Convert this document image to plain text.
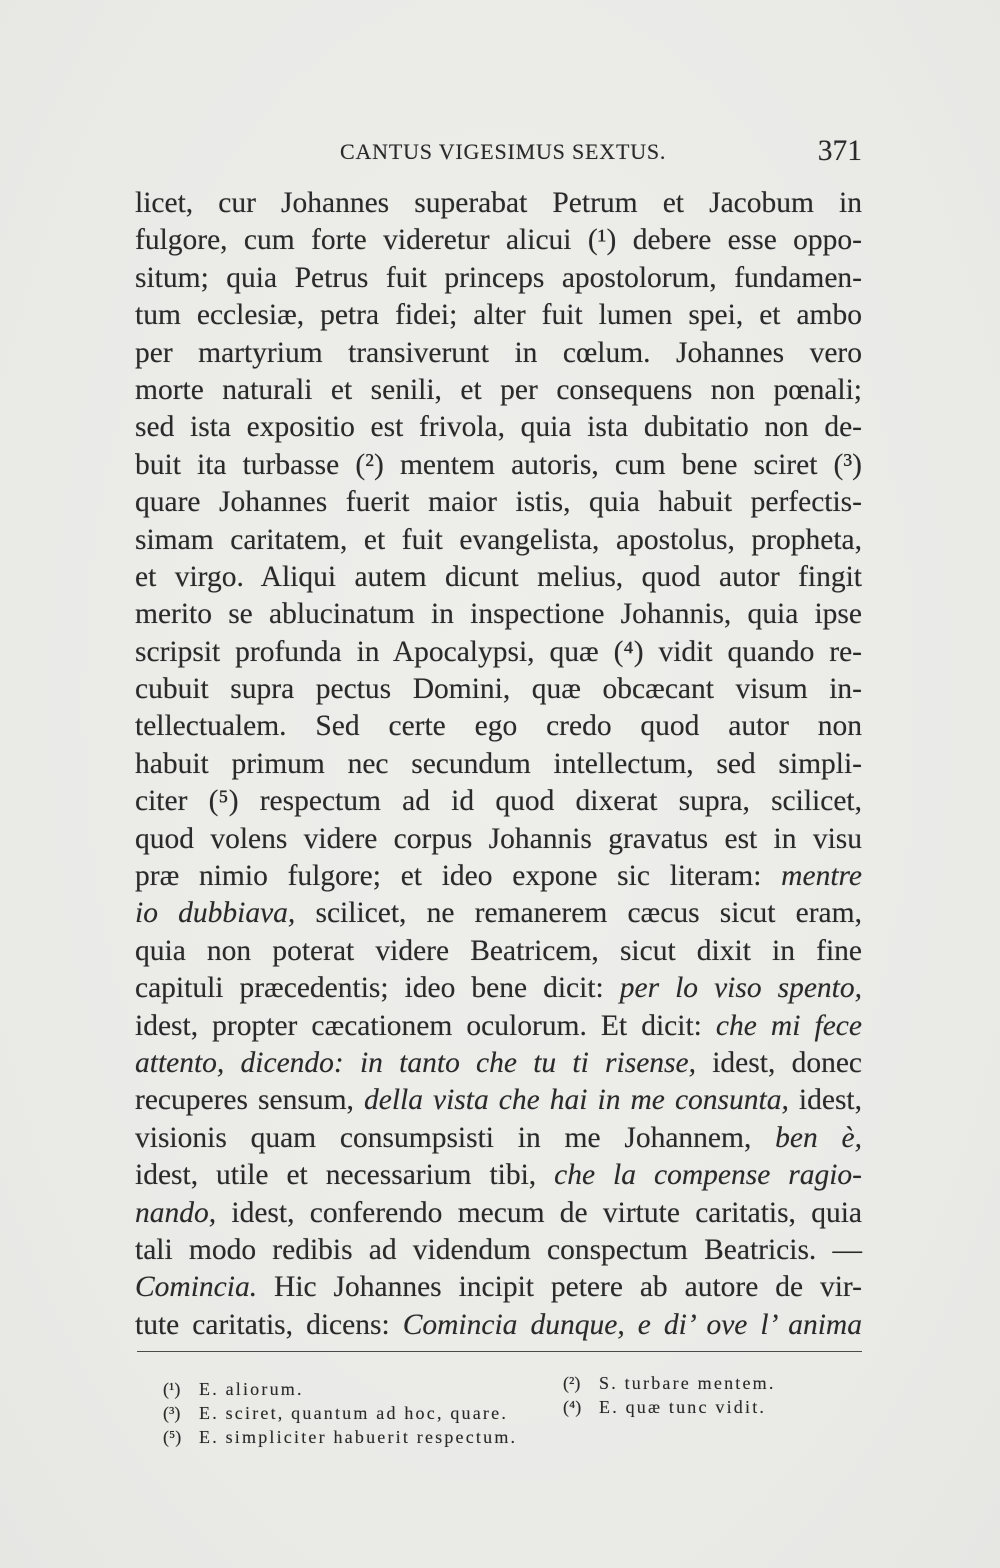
CANTUS VIGESIMUS SEXTUS.	371
licet, cur Johannes superabat Petrum et Jacobum in
fulgore, cum forte videretur alicui (¹) debere esse oppo-
situm; quia Petrus fuit princeps apostolorum, fundamen-
tum ecclesiæ, petra fidei; alter fuit lumen spei, et ambo
per martyrium transiverunt in cœlum. Johannes vero
morte naturali et senili, et per consequens non pœnali;
sed ista expositio est frivola, quia ista dubitatio non de-
buit ita turbasse (²) mentem autoris, cum bene sciret (³)
quare Johannes fuerit maior istis, quia habuit perfectis-
simam caritatem, et fuit evangelista, apostolus, propheta,
et virgo. Aliqui autem dicunt melius, quod autor fingit
merito se ablucinatum in inspectione Johannis, quia ipse
scripsit profunda in Apocalypsi, quæ (⁴) vidit quando re-
cubuit supra pectus Domini, quæ obcæcant visum in-
tellectualem. Sed certe ego credo quod autor non
habuit primum nec secundum intellectum, sed simpli-
citer (⁵) respectum ad id quod dixerat supra, scilicet,
quod volens videre corpus Johannis gravatus est in visu
præ nimio fulgore; et ideo expone sic literam: mentre
io dubbiava, scilicet, ne remanerem cæcus sicut eram,
quia non poterat videre Beatricem, sicut dixit in fine
capituli præcedentis; ideo bene dicit: per lo viso spento,
idest, propter cæcationem oculorum. Et dicit: che mi fece
attento, dicendo: in tanto che tu ti risense, idest, donec
recuperes sensum, della vista che hai in me consunta, idest,
visionis quam consumpsisti in me Johannem, ben è,
idest, utile et necessarium tibi, che la compense ragio-
nando, idest, conferendo mecum de virtute caritatis, quia
tali modo redibis ad videndum conspectum Beatricis. —
Comincia. Hic Johannes incipit petere ab autore de vir-
tute caritatis, dicens: Comincia dunque, e di’ ove l’ anima
(¹) E. aliorum.
(³) E. sciret, quantum ad hoc, quare.
(⁵) E. simpliciter habuerit respectum.
(²) S. turbare mentem.
(⁴) E. quæ tunc vidit.
